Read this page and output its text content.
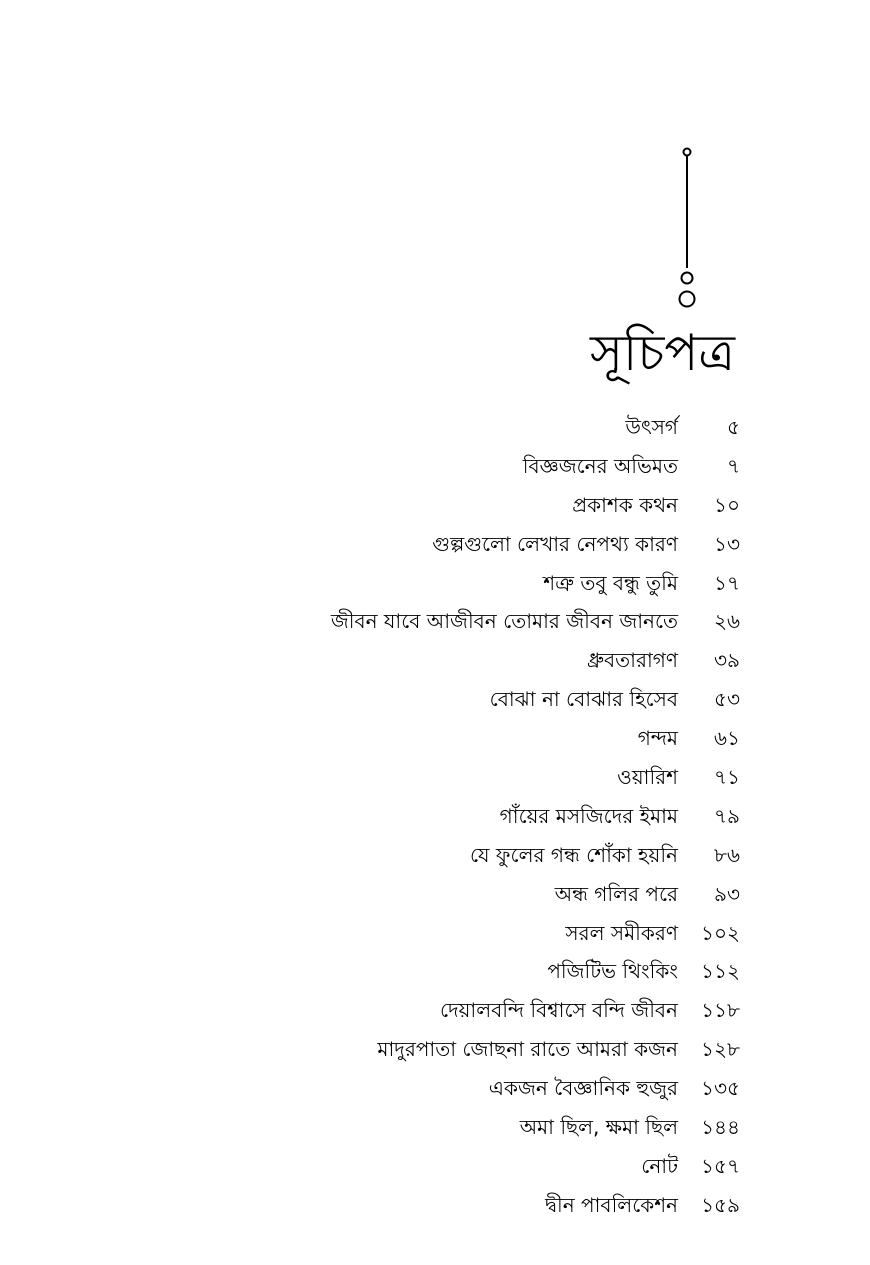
সূচিপত্র
উৎসর্গ	৫
বিজ্ঞজনের অভিমত	৭
প্রকাশক কথন	১০
গুল্পগুলো লেখার নেপথ্য কারণ	১৩
শত্রু তবু বন্ধু তুমি	১৭
জীবন যাবে আজীবন তোমার জীবন জানতে	২৬
ধ্রুবতারাগণ	৩৯
বোঝা না বোঝার হিসেব	৫৩
গন্দম	৬১
ওয়ারিশ	৭১
গাঁয়ের মসজিদের ইমাম	৭৯
যে ফুলের গন্ধ শোঁকা হয়নি	৮৬
অন্ধ গলির পরে	৯৩
সরল সমীকরণ	১০২
পজিটিভ থিংকিং	১১২
দেয়ালবন্দি বিশ্বাসে বন্দি জীবন	১১৮
মাদুরপাতা জোছনা রাতে আমরা কজন	১২৮
একজন বৈজ্ঞানিক হুজুর	১৩৫
অমা ছিল, ক্ষমা ছিল	১৪৪
নোট	১৫৭
দ্বীন পাবলিকেশন	১৫৯
